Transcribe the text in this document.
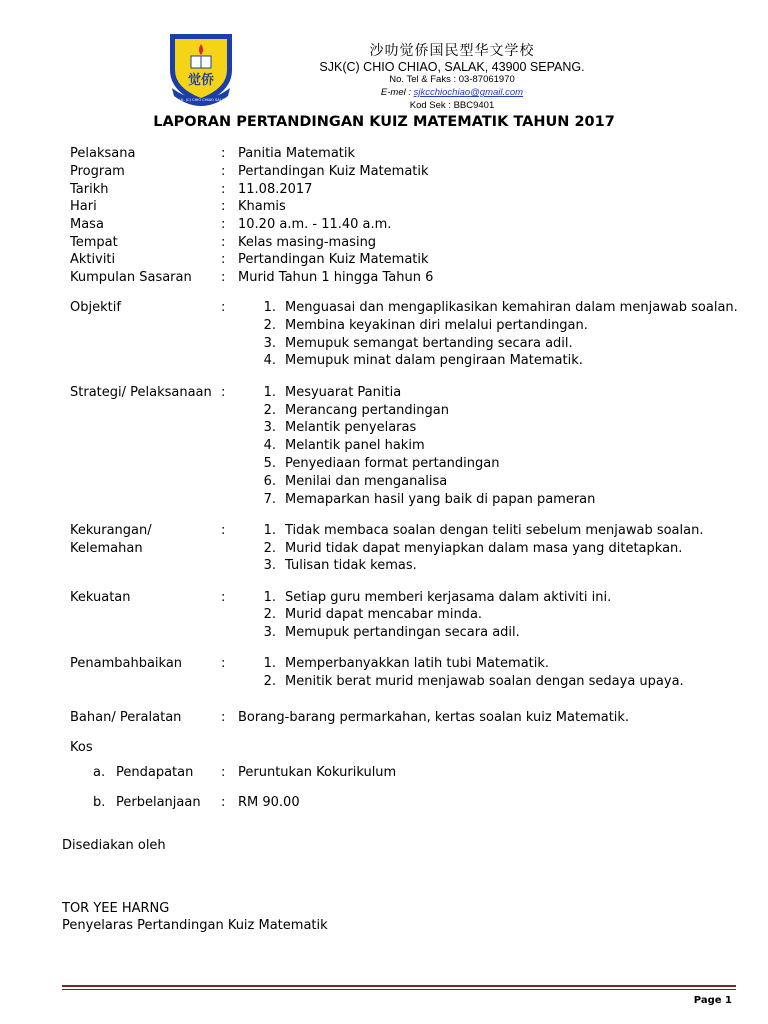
觉侨
S.J.K. (C) CHIO CHIAO SALAK
沙叻觉侨国民型华文学校
SJK(C) CHIO CHIAO, SALAK, 43900 SEPANG.
No. Tel & Faks : 03-87061970
E-mel : sjkcchiochiao@gmail.com
Kod Sek : BBC9401
LAPORAN PERTANDINGAN KUIZ MATEMATIK TAHUN 2017
Pelaksana	: Panitia Matematik
Program	: Pertandingan Kuiz Matematik
Tarikh	: 11.08.2017
Hari	: Khamis
Masa	: 10.20 a.m. - 11.40 a.m.
Tempat	: Kelas masing-masing
Aktiviti	: Pertandingan Kuiz Matematik
Kumpulan Sasaran : Murid Tahun 1 hingga Tahun 6
Objektif	:	1. Menguasai dan mengaplikasikan kemahiran dalam menjawab soalan.
2. Membina keyakinan diri melalui pertandingan.
3. Memupuk semangat bertanding secara adil.
4. Memupuk minat dalam pengiraan Matematik.
Strategi/ Pelaksanaan :	1. Mesyuarat Panitia
2. Merancang pertandingan
3. Melantik penyelaras
4. Melantik panel hakim
5. Penyediaan format pertandingan
6. Menilai dan menganalisa
7. Memaparkan hasil yang baik di papan pameran
Kekurangan/
Kelemahan
:	1. Tidak membaca soalan dengan teliti sebelum menjawab soalan.
2. Murid tidak dapat menyiapkan dalam masa yang ditetapkan.
3. Tulisan tidak kemas.
Kekuatan	:	1. Setiap guru memberi kerjasama dalam aktiviti ini.
2. Murid dapat mencabar minda.
3. Memupuk pertandingan secara adil.
Penambahbaikan	:	1. Memperbanyakkan latih tubi Matematik.
2. Menitik berat murid menjawab soalan dengan sedaya upaya.
Bahan/ Peralatan	: Borang-barang permarkahan, kertas soalan kuiz Matematik.
Kos
a. Pendapatan : Peruntukan Kokurikulum
b. Perbelanjaan : RM 90.00
Disediakan oleh
TOR YEE HARNG
Penyelaras Pertandingan Kuiz Matematik
Page 1
